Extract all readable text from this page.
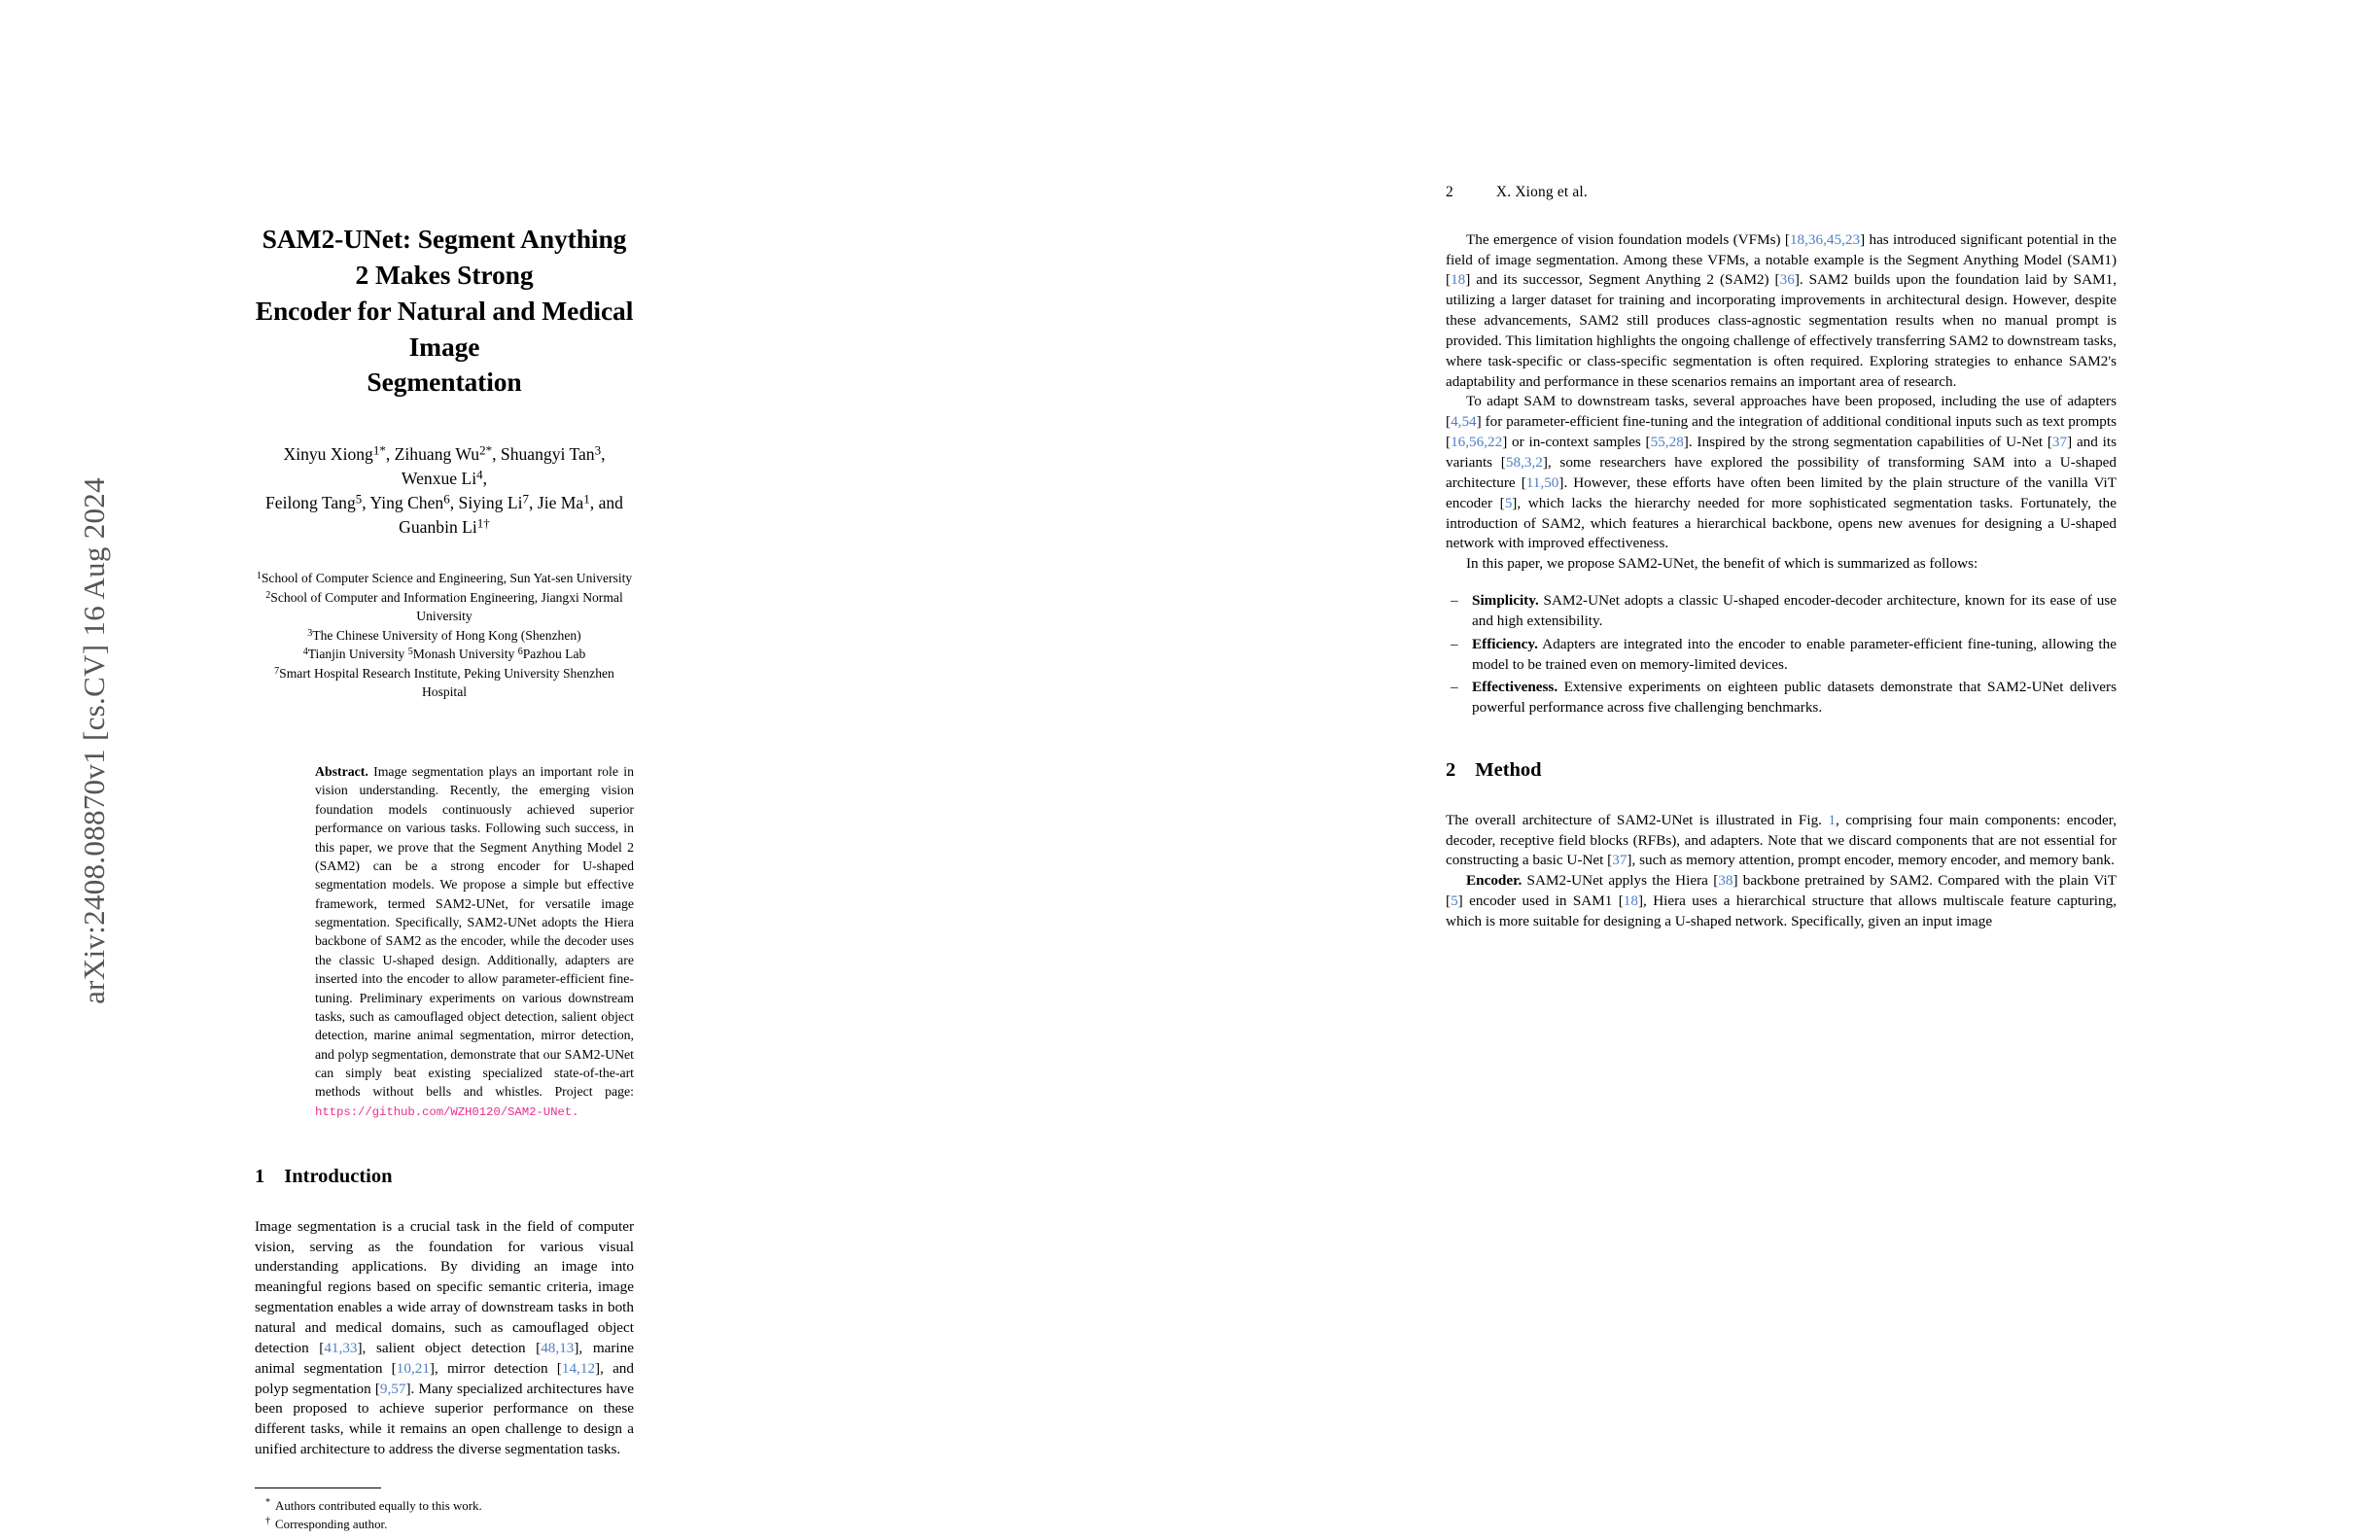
arXiv:2408.08870v1 [cs.CV] 16 Aug 2024
SAM2-UNet: Segment Anything 2 Makes Strong
Encoder for Natural and Medical Image
Segmentation
Xinyu Xiong$^{1*}$, Zihuang $Wu^{2*}$, Shuangyi Tan$^3$, Wenxue Li$^4$,
Feilong Tang$^5$, Ying Chen$^6$, Siying Li$^7$, Jie Ma$^1$, and Guanbin $Li^{1\dagger}$
$^1$School of Computer Science and Engineering, Sun Yat-sen University
$^2$School of Computer and Information Engineering, Jiangxi Normal University
$^3$The Chinese University of Hong Kong (Shenzhen)
$^4$Tianjin University $^5$Monash University $^6$Pazhou Lab
$^7$Smart Hospital Research Institute, Peking University Shenzhen Hospital
Abstract. Image segmentation plays an important role in vision understanding. Recently, the emerging vision foundation models continuously achieved superior performance on various tasks. Following such success, in this paper, we prove that the Segment Anything Model 2 (SAM2) can be a strong encoder for U-shaped segmentation models. We propose a simple but effective framework, termed SAM2-UNet, for versatile image segmentation. Specifically, SAM2-UNet adopts the Hiera backbone of SAM2 as the encoder, while the decoder uses the classic U-shaped design. Additionally, adapters are inserted into the encoder to allow parameter-efficient fine-tuning. Preliminary experiments on various downstream tasks, such as camouflaged object detection, salient object detection, marine animal segmentation, mirror detection, and polyp segmentation, demonstrate that our SAM2-UNet can simply beat existing specialized state-of-the-art methods without bells and whistles. Project page: https://github.com/WZH0120/SAM2-UNet.
1 Introduction

Image segmentation is a crucial task in the field of computer vision, serving as the foundation for various visual understanding applications. By dividing an image into meaningful regions based on specific semantic criteria, image segmentation enables a wide array of downstream tasks in both natural and medical domains, such as camouflaged object detection [41,33], salient object detection [48,13], marine animal segmentation [10,21], mirror detection [14,12], and polyp segmentation [9,57]. Many specialized architectures have been proposed to achieve superior performance on these different tasks, while it remains an open challenge to design a unified architecture to address the diverse segmentation tasks.

* Authors contributed equally to this work.
† Corresponding author.
2	X. Xiong et al.

The emergence of vision foundation models (VFMs) [18,36,45,23] has introduced significant potential in the field of image segmentation. Among these VFMs, a notable example is the Segment Anything Model (SAM1) [18] and its successor, Segment Anything 2 (SAM2) [36]. SAM2 builds upon the foundation laid by SAM1, utilizing a larger dataset for training and incorporating improvements in architectural design. However, despite these advancements, SAM2 still produces class-agnostic segmentation results when no manual prompt is provided. This limitation highlights the ongoing challenge of effectively transferring SAM2 to downstream tasks, where task-specific or class-specific segmentation is often required. Exploring strategies to enhance SAM2's adaptability and performance in these scenarios remains an important area of research.

To adapt SAM to downstream tasks, several approaches have been proposed, including the use of adapters [4,54] for parameter-efficient fine-tuning and the integration of additional conditional inputs such as text prompts [16,56,22] or in-context samples [55,28]. Inspired by the strong segmentation capabilities of U-Net [37] and its variants [58,3,2], some researchers have explored the possibility of transforming SAM into a U-shaped architecture [11,50]. However, these efforts have often been limited by the plain structure of the vanilla ViT encoder [5], which lacks the hierarchy needed for more sophisticated segmentation tasks. Fortunately, the introduction of SAM2, which features a hierarchical backbone, opens new avenues for designing a U-shaped network with improved effectiveness.

In this paper, we propose SAM2-UNet, the benefit of which is summarized as follows:

– Simplicity. SAM2-UNet adopts a classic U-shaped encoder-decoder architecture, known for its ease of use and high extensibility.
– Efficiency. Adapters are integrated into the encoder to enable parameter-efficient fine-tuning, allowing the model to be trained even on memory-limited devices.
– Effectiveness. Extensive experiments on eighteen public datasets demonstrate that SAM2-UNet delivers powerful performance across five challenging benchmarks.
2 Method

The overall architecture of SAM2-UNet is illustrated in Fig. 1, comprising four main components: encoder, decoder, receptive field blocks (RFBs), and adapters. Note that we discard components that are not essential for constructing a basic U-Net [37], such as memory attention, prompt encoder, memory encoder, and memory bank.

Encoder. SAM2-UNet applys the Hiera [38] backbone pretrained by SAM2. Compared with the plain ViT [5] encoder used in SAM1 [18], Hiera uses a hierarchical structure that allows multiscale feature capturing, which is more suitable for designing a U-shaped network. Specifically, given an input image
